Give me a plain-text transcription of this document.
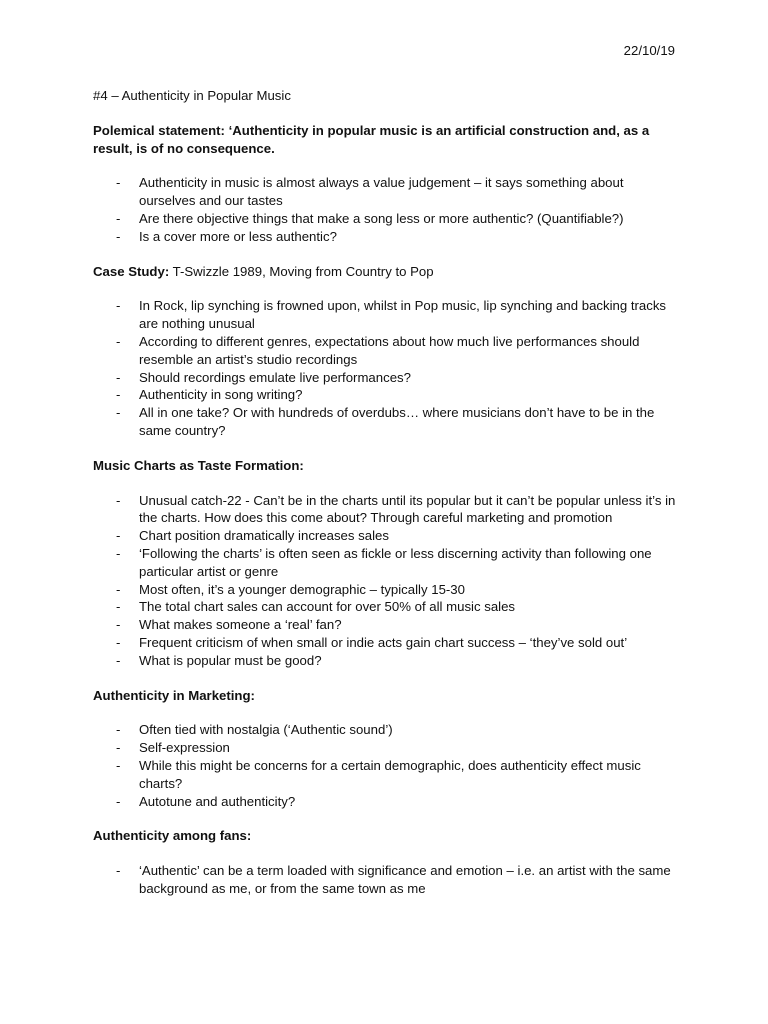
22/10/19

#4 – Authenticity in Popular Music

Polemical statement: ‘Authenticity in popular music is an artificial construction and, as a result, is of no consequence.

- Authenticity in music is almost always a value judgement – it says something about ourselves and our tastes
- Are there objective things that make a song less or more authentic? (Quantifiable?)
- Is a cover more or less authentic?

Case Study: T-Swizzle 1989, Moving from Country to Pop

- In Rock, lip synching is frowned upon, whilst in Pop music, lip synching and backing tracks are nothing unusual
- According to different genres, expectations about how much live performances should resemble an artist’s studio recordings
- Should recordings emulate live performances?
- Authenticity in song writing?
- All in one take? Or with hundreds of overdubs… where musicians don’t have to be in the same country?

Music Charts as Taste Formation:

- Unusual catch-22 - Can’t be in the charts until its popular but it can’t be popular unless it’s in the charts. How does this come about? Through careful marketing and promotion
- Chart position dramatically increases sales
- ‘Following the charts’ is often seen as fickle or less discerning activity than following one particular artist or genre
- Most often, it’s a younger demographic – typically 15-30
- The total chart sales can account for over 50% of all music sales
- What makes someone a ‘real’ fan?
- Frequent criticism of when small or indie acts gain chart success – ‘they’ve sold out’
- What is popular must be good?

Authenticity in Marketing:

- Often tied with nostalgia (‘Authentic sound’)
- Self-expression
- While this might be concerns for a certain demographic, does authenticity effect music charts?
- Autotune and authenticity?

Authenticity among fans:

- ‘Authentic’ can be a term loaded with significance and emotion – i.e. an artist with the same background as me, or from the same town as me
